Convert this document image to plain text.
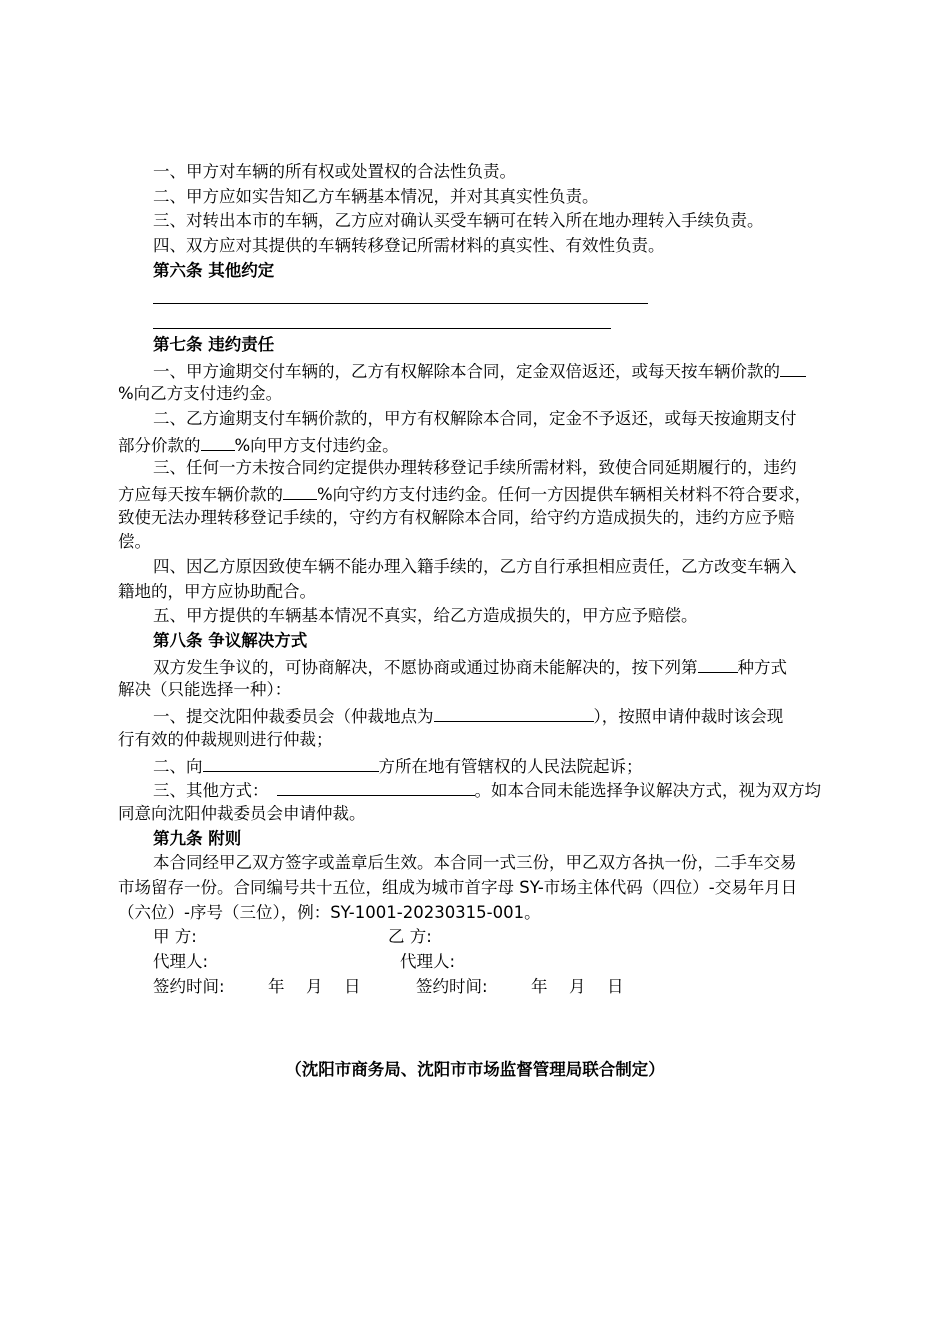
一、甲方对车辆的所有权或处置权的合法性负责。
二、甲方应如实告知乙方车辆基本情况，并对其真实性负责。
三、对转出本市的车辆，乙方应对确认买受车辆可在转入所在地办理转入手续负责。
四、双方应对其提供的车辆转移登记所需材料的真实性、有效性负责。
第六条 其他约定
第七条 违约责任
一、甲方逾期交付车辆的，乙方有权解除本合同，定金双倍返还，或每天按车辆价款的
%向乙方支付违约金。
二、乙方逾期支付车辆价款的，甲方有权解除本合同，定金不予返还，或每天按逾期支付
部分价款的 %向甲方支付违约金。
三、任何一方未按合同约定提供办理转移登记手续所需材料，致使合同延期履行的，违约
方应每天按车辆价款的 %向守约方支付违约金。任何一方因提供车辆相关材料不符合要求，
致使无法办理转移登记手续的，守约方有权解除本合同，给守约方造成损失的，违约方应予赔
偿。
四、因乙方原因致使车辆不能办理入籍手续的，乙方自行承担相应责任，乙方改变车辆入
籍地的，甲方应协助配合。
五、甲方提供的车辆基本情况不真实，给乙方造成损失的，甲方应予赔偿。
第八条 争议解决方式
双方发生争议的，可协商解决，不愿协商或通过协商未能解决的，按下列第 种方式
解决（只能选择一种）：
一、提交沈阳仲裁委员会（仲裁地点为	），按照申请仲裁时该会现
行有效的仲裁规则进行仲裁；
二、向	方所在地有管辖权的人民法院起诉；
三、其他方式：	。如本合同未能选择争议解决方式，视为双方均
同意向沈阳仲裁委员会申请仲裁。
第九条 附则
本合同经甲乙双方签字或盖章后生效。本合同一式三份，甲乙双方各执一份，二手车交易
市场留存一份。合同编号共十五位，组成为城市首字母 SY-市场主体代码（四位）-交易年月日
（六位）-序号（三位），例：SY-1001-20230315-001。
甲 方:	乙 方:
代理人:	代理人:
签约时间:	年 月 日	签约时间:	年 月 日
（沈阳市商务局、沈阳市市场监督管理局联合制定）
